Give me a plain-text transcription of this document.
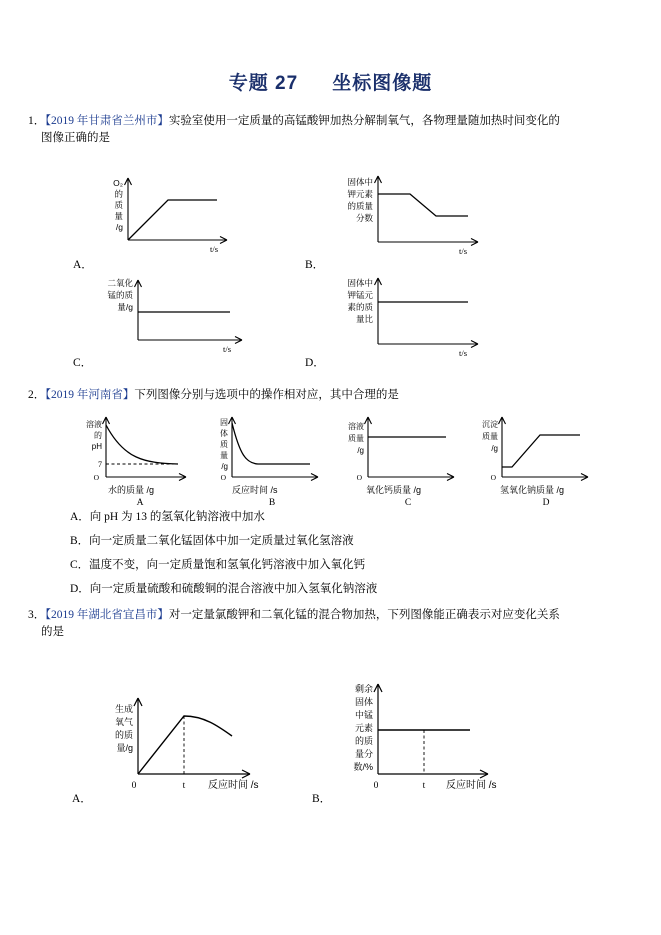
专题 27 坐标图像题
1．【2019 年甘肃省兰州市】实验室使用一定质量的高锰酸钾加热分解制氧气，各物理量随加热时间变化的
图像正确的是
O₂
的
质
量
/g
t/s
A．
固体中
钾元素
的质量
分数
t/s
B．
二氧化
锰的质
量/g
t/s
C．
固体中
钾锰元
素的质
量比
t/s
D．
2．【2019 年河南省】下列图像分别与选项中的操作相对应，其中合理的是
溶液
的
pH
7
O
水的质量 /g
A
固
体
质
量
/g
O
反应时间 /s
B
溶液
质量
/g
O
氧化钙质量 /g
C
沉淀
质量
/g
O
氢氧化钠质量 /g
D
A．向 pH 为 13 的氢氧化钠溶液中加水
B．向一定质量二氧化锰固体中加一定质量过氧化氢溶液
C．温度不变，向一定质量饱和氢氧化钙溶液中加入氧化钙
D．向一定质量硫酸和硫酸铜的混合溶液中加入氢氧化钠溶液
3．【2019 年湖北省宜昌市】对一定量氯酸钾和二氧化锰的混合物加热，下列图像能正确表示对应变化关系
的是
生成
氧气
的质
量/g
0	t 反应时间 /s
A．
剩余
固体
中锰
元素
的质
量分
数/%
0	t 反应时间 /s
B．
